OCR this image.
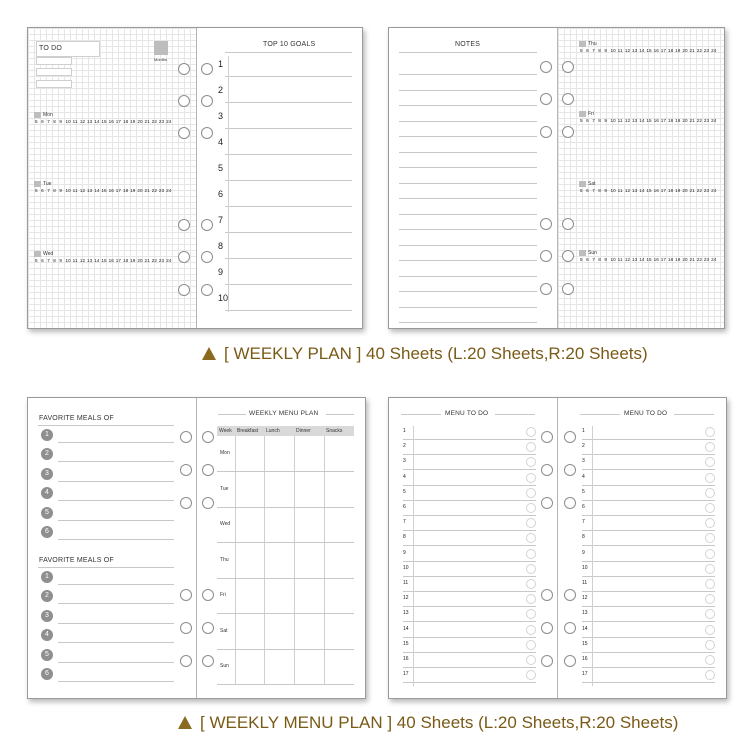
TO DO
Months
Mon
5 6 7 8 9 10 11 12 13 14 15 16 17 18 19 20 21 22 23 24
Tue
5 6 7 8 9 10 11 12 13 14 15 16 17 18 19 20 21 22 23 24
Wed
5 6 7 8 9 10 11 12 13 14 15 16 17 18 19 20 21 22 23 24
TOP 10 GOALS
1
2
3
4
5
6
7
8
9
10
NOTES	Thu
5 6 7 8 9 10 11 12 13 14 15 16 17 18 19 20 21 22 23 24
Fri
5 6 7 8 9 10 11 12 13 14 15 16 17 18 19 20 21 22 23 24
Sat
5 6 7 8 9 10 11 12 13 14 15 16 17 18 19 20 21 22 23 24
Sun
5 6 7 8 9 10 11 12 13 14 15 16 17 18 19 20 21 22 23 24
[ WEEKLY PLAN ] 40 Sheets (L:20 Sheets,R:20 Sheets)
FAVORITE MEALS OF
1
2
3
4
5
6
FAVORITE MEALS OF
1
2
3
4
5
6
WEEKLY MENU PLAN
Week Breakfast Lunch	Dinner	Snacks
Mon
Tue
Wed
Thu
Fri
Sat
Sun
MENU TO DO
1
2
3
4
5
6
7
8
9
10
11
12
13
14
15
16
17
MENU TO DO
1
2
3
4
5
6
7
8
9
10
11
12
13
14
15
16
17
[ WEEKLY MENU PLAN ] 40 Sheets (L:20 Sheets,R:20 Sheets)
